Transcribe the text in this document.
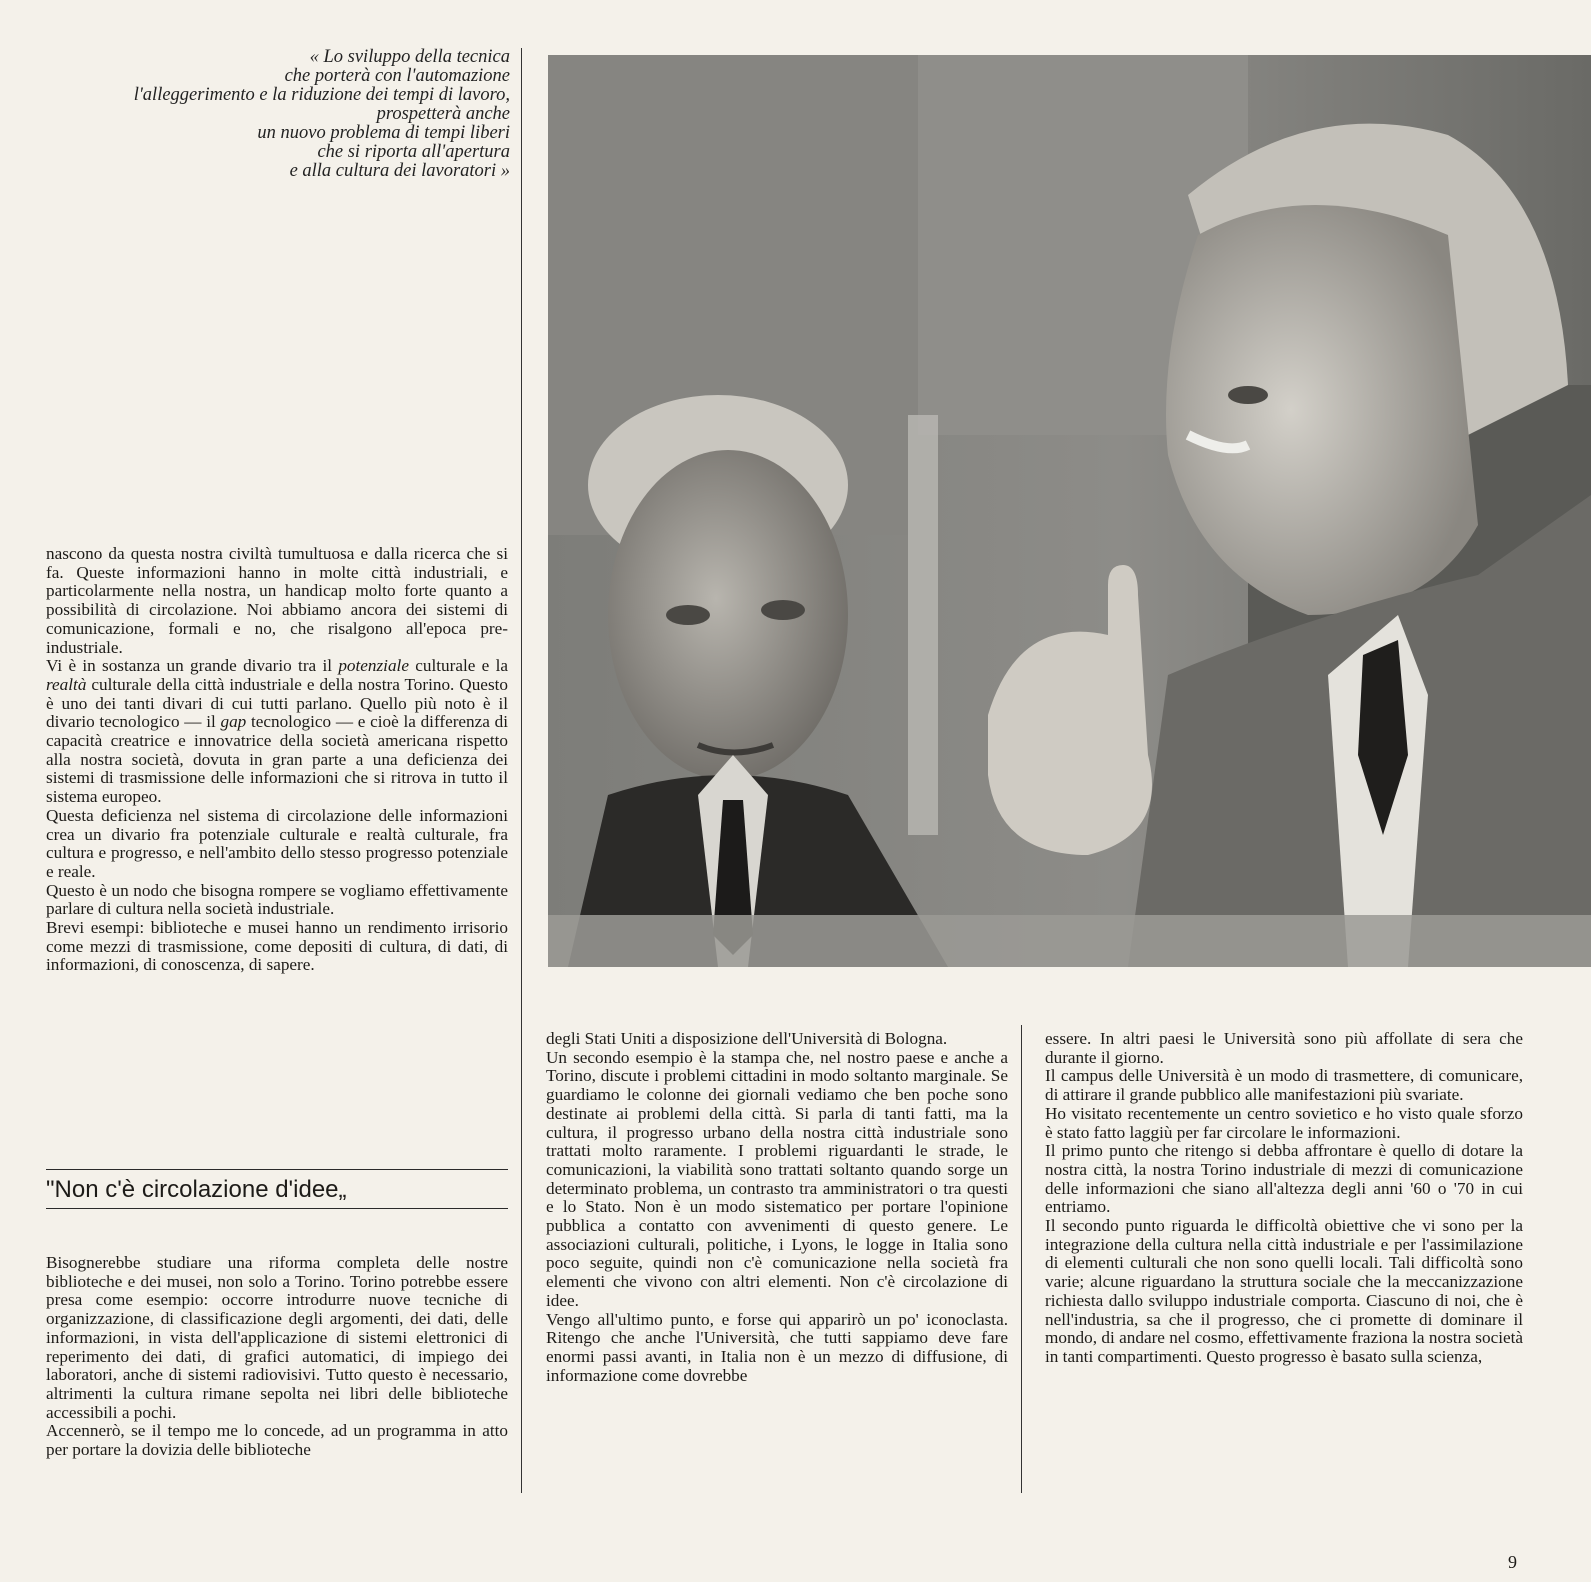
« Lo sviluppo della tecnica
che porterà con l'automazione
l'alleggerimento e la riduzione dei tempi di lavoro,
prospetterà anche
un nuovo problema di tempi liberi
che si riporta all'apertura
e alla cultura dei lavoratori »

nascono da questa nostra civiltà tumultuosa e dalla ricerca che si fa. Queste informazioni hanno in molte città industriali, e particolarmente nella nostra, un handicap molto forte quanto a possibilità di circolazione. Noi abbiamo ancora dei sistemi di comunicazione, formali e no, che risalgono all'epoca pre-industriale.

Vi è in sostanza un grande divario tra il potenziale culturale e la realtà culturale della città industriale e della nostra Torino. Questo è uno dei tanti divari di cui tutti parlano. Quello più noto è il divario tecnologico — il gap tecnologico — e cioè la differenza di capacità creatrice e innovatrice della società americana rispetto alla nostra società, dovuta in gran parte a una deficienza dei sistemi di trasmissione delle informazioni che si ritrova in tutto il sistema europeo.

Questa deficienza nel sistema di circolazione delle informazioni crea un divario fra potenziale culturale e realtà culturale, fra cultura e progresso, e nell'ambito dello stesso progresso potenziale e reale.

Questo è un nodo che bisogna rompere se vogliamo effettivamente parlare di cultura nella società industriale.

Brevi esempi: biblioteche e musei hanno un rendimento irrisorio come mezzi di trasmissione, come depositi di cultura, di dati, di informazioni, di conoscenza, di sapere.

"Non c'è circolazione d'idee„

Bisognerebbe studiare una riforma completa delle nostre biblioteche e dei musei, non solo a Torino. Torino potrebbe essere presa come esempio: occorre introdurre nuove tecniche di organizzazione, di classificazione degli argomenti, dei dati, delle informazioni, in vista dell'applicazione di sistemi elettronici di reperimento dei dati, di grafici automatici, di impiego dei laboratori, anche di sistemi radiovisivi. Tutto questo è necessario, altrimenti la cultura rimane sepolta nei libri delle biblioteche accessibili a pochi.

Accennerò, se il tempo me lo concede, ad un programma in atto per portare la dovizia delle biblioteche

degli Stati Uniti a disposizione dell'Università di Bologna.

Un secondo esempio è la stampa che, nel nostro paese e anche a Torino, discute i problemi cittadini in modo soltanto marginale. Se guardiamo le colonne dei giornali vediamo che ben poche sono destinate ai problemi della città. Si parla di tanti fatti, ma la cultura, il progresso urbano della nostra città industriale sono trattati molto raramente. I problemi riguardanti le strade, le comunicazioni, la viabilità sono trattati soltanto quando sorge un determinato problema, un contrasto tra amministratori o tra questi e lo Stato. Non è un modo sistematico per portare l'opinione pubblica a contatto con avvenimenti di questo genere. Le associazioni culturali, politiche, i Lyons, le logge in Italia sono poco seguite, quindi non c'è comunicazione nella società fra elementi che vivono con altri elementi. Non c'è circolazione di idee.

Vengo all'ultimo punto, e forse qui apparirò un po' iconoclasta. Ritengo che anche l'Università, che tutti sappiamo deve fare enormi passi avanti, in Italia non è un mezzo di diffusione, di informazione come dovrebbe

essere. In altri paesi le Università sono più affollate di sera che durante il giorno.

Il campus delle Università è un modo di trasmettere, di comunicare, di attirare il grande pubblico alle manifestazioni più svariate.

Ho visitato recentemente un centro sovietico e ho visto quale sforzo è stato fatto laggiù per far circolare le informazioni.

Il primo punto che ritengo si debba affrontare è quello di dotare la nostra città, la nostra Torino industriale di mezzi di comunicazione delle informazioni che siano all'altezza degli anni '60 o '70 in cui entriamo.

Il secondo punto riguarda le difficoltà obiettive che vi sono per la integrazione della cultura nella città industriale e per l'assimilazione di elementi culturali che non sono quelli locali. Tali difficoltà sono varie; alcune riguardano la struttura sociale che la meccanizzazione richiesta dallo sviluppo industriale comporta. Ciascuno di noi, che è nell'industria, sa che il progresso, che ci promette di dominare il mondo, di andare nel cosmo, effettivamente fraziona la nostra società in tanti compartimenti. Questo progresso è basato sulla scienza,

9
